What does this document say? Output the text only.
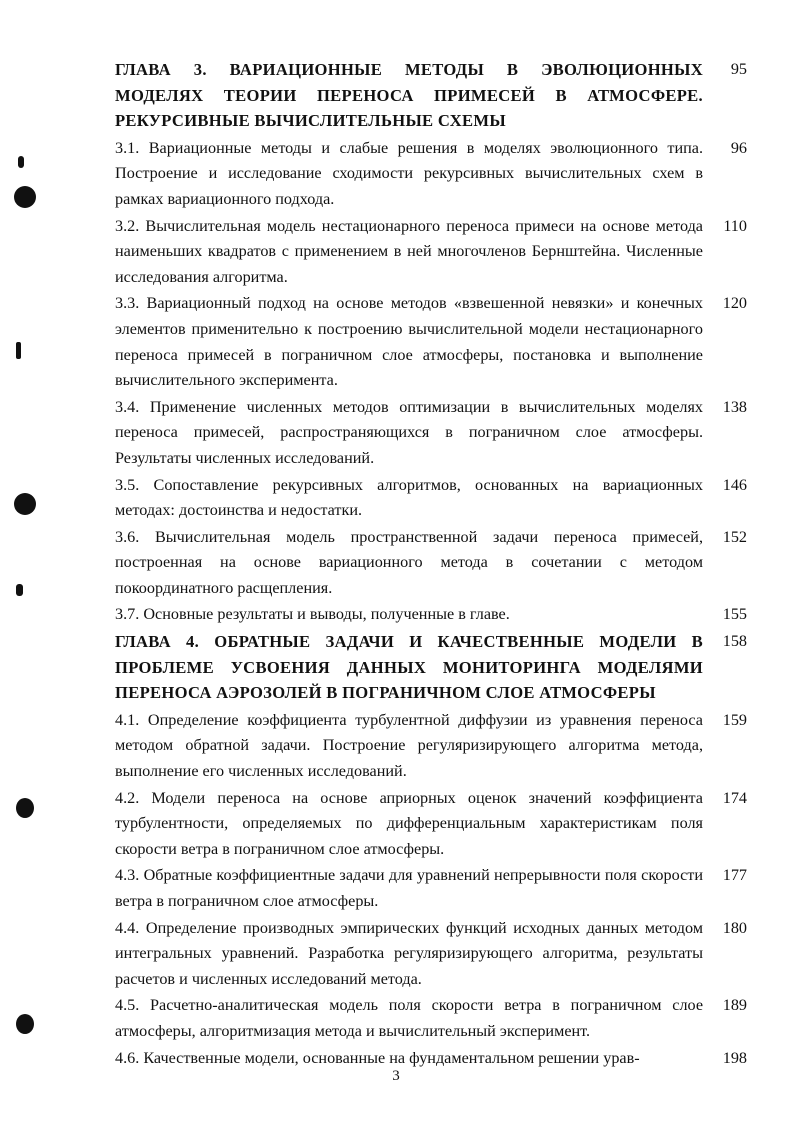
ГЛАВА 3. ВАРИАЦИОННЫЕ МЕТОДЫ В ЭВОЛЮЦИОННЫХ МОДЕЛЯХ ТЕОРИИ ПЕРЕНОСА ПРИМЕСЕЙ В АТМОСФЕРЕ. РЕКУРСИВНЫЕ ВЫЧИСЛИТЕЛЬНЫЕ СХЕМЫ
95
3.1. Вариационные методы и слабые решения в моделях эволюционного типа. Построение и исследование сходимости рекурсивных вычислительных схем в рамках вариационного подхода.
96
3.2. Вычислительная модель нестационарного переноса примеси на основе метода наименьших квадратов с применением в ней многочленов Бернштейна. Численные исследования алгоритма.
110
3.3. Вариационный подход на основе методов «взвешенной невязки» и конечных элементов применительно к построению вычислительной модели нестационарного переноса примесей в пограничном слое атмосферы, постановка и выполнение вычислительного эксперимента.
120
3.4. Применение численных методов оптимизации в вычислительных моделях переноса примесей, распространяющихся в пограничном слое атмосферы. Результаты численных исследований.
138
3.5. Сопоставление рекурсивных алгоритмов, основанных на вариационных методах: достоинства и недостатки.
146
3.6. Вычислительная модель пространственной задачи переноса примесей, построенная на основе вариационного метода в сочетании с методом покоординатного расщепления.
152
3.7. Основные результаты и выводы, полученные в главе.	155
ГЛАВА 4. ОБРАТНЫЕ ЗАДАЧИ И КАЧЕСТВЕННЫЕ МОДЕЛИ В ПРОБЛЕМЕ УСВОЕНИЯ ДАННЫХ МОНИТОРИНГА МОДЕЛЯМИ ПЕРЕНОСА АЭРОЗОЛЕЙ В ПОГРАНИЧНОМ СЛОЕ АТМОСФЕРЫ
158
4.1. Определение коэффициента турбулентной диффузии из уравнения переноса методом обратной задачи. Построение регуляризирующего алгоритма метода, выполнение его численных исследований.
159
4.2. Модели переноса на основе априорных оценок значений коэффициента турбулентности, определяемых по дифференциальным характеристикам поля скорости ветра в пограничном слое атмосферы.
174
4.3. Обратные коэффициентные задачи для уравнений непрерывности поля скорости ветра в пограничном слое атмосферы.
177
4.4. Определение производных эмпирических функций исходных данных методом интегральных уравнений. Разработка регуляризирующего алгоритма, результаты расчетов и численных исследований метода.
180
4.5. Расчетно-аналитическая модель поля скорости ветра в пограничном слое атмосферы, алгоритмизация метода и вычислительный эксперимент.
189
4.6. Качественные модели, основанные на фундаментальном решении урав-	198
3
